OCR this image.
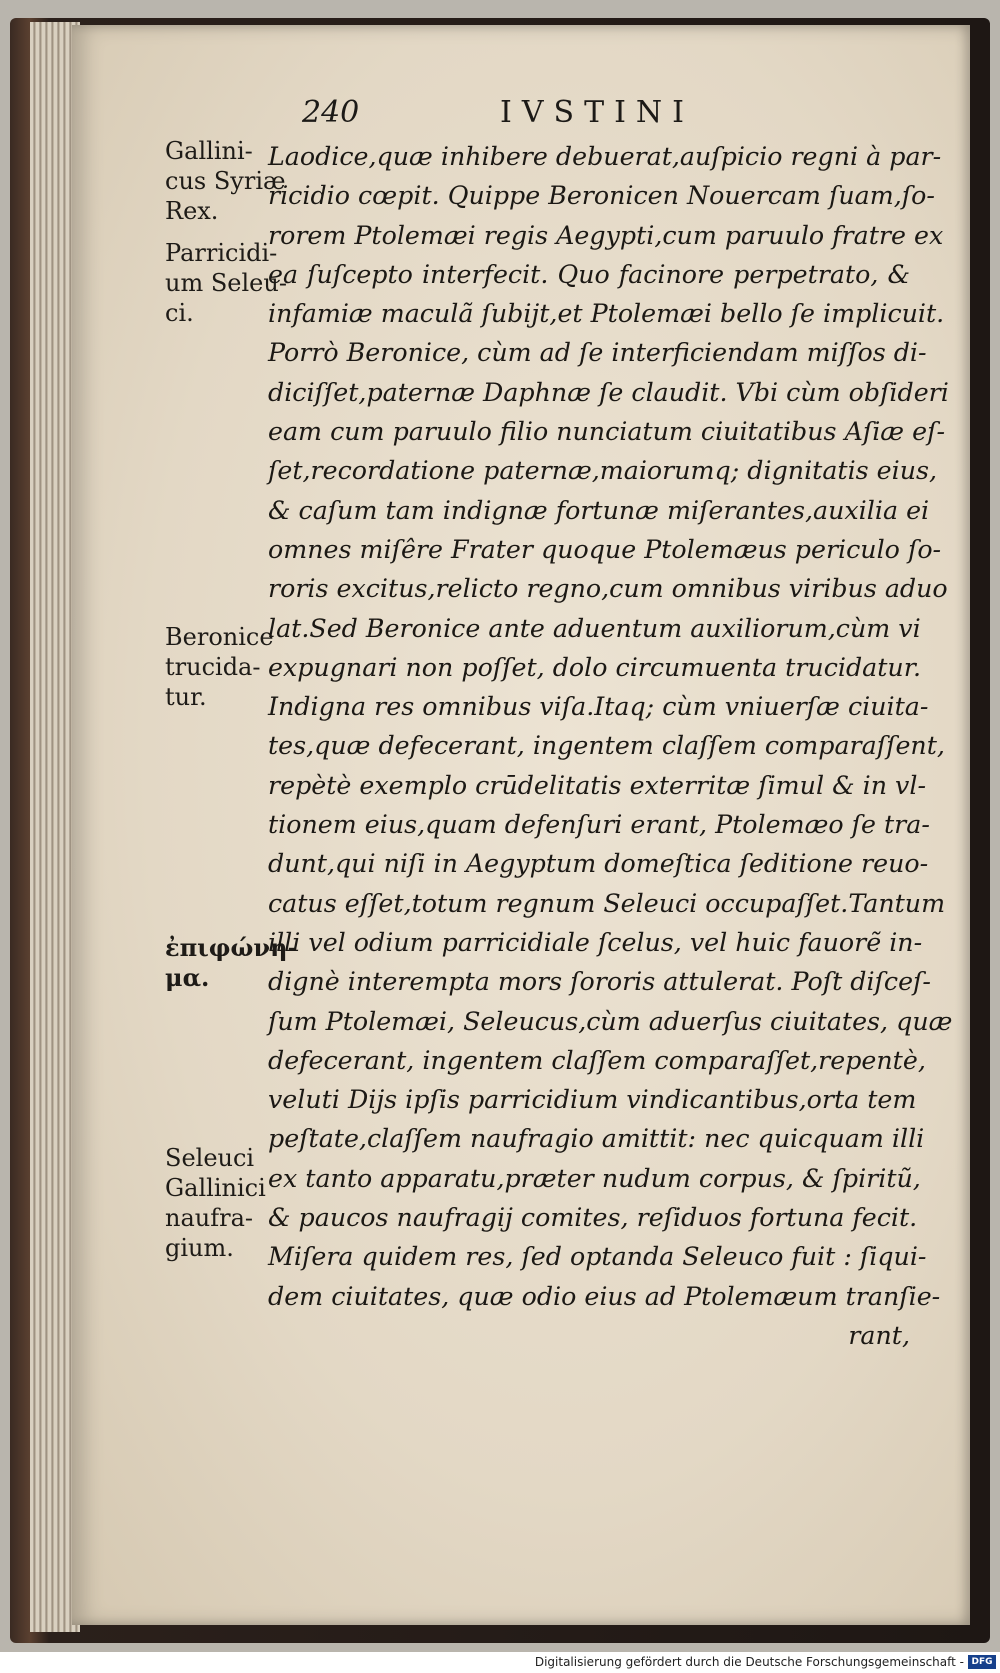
240	IVSTINI
Gallini-
cus Syriæ
Rex.
Parricidi-
um Seleu-
ci.
Beronice
trucida-
tur.
ἐπιφώνη-
μα.
Seleuci
Gallinici
naufra-
gium.
Laodice,quæ inhibere debuerat,auſpicio regni à par-
ricidio cœpit. Quippe Beronicen Nouercam ſuam,ſo-
rorem Ptolemæi regis Aegypti,cum paruulo fratre ex
ea ſuſcepto interfecit. Quo facinore perpetrato, &
infamiæ maculã ſubijt,et Ptolemæi bello ſe implicuit.
Porrò Beronice, cùm ad ſe interficiendam miſſos di-
diciſſet,paternæ Daphnæ ſe claudit. Vbi cùm obſideri
eam cum paruulo filio nunciatum ciuitatibus Aſiæ eſ-
ſet,recordatione paternæ,maiorumq; dignitatis eius,
& caſum tam indignæ fortunæ miſerantes,auxilia ei
omnes miſêre Frater quoque Ptolemæus periculo ſo-
roris excitus,relicto regno,cum omnibus viribus aduo
lat.Sed Beronice ante aduentum auxiliorum,cùm vi
expugnari non poſſet, dolo circumuenta trucidatur.
Indigna res omnibus viſa.Itaq; cùm vniuerſæ ciuita-
tes,quæ defecerant, ingentem claſſem comparaſſent,
repètè exemplo crūdelitatis exterritæ ſimul & in vl-
tionem eius,quam defenſuri erant, Ptolemæo ſe tra-
dunt,qui niſi in Aegyptum domeſtica ſeditione reuo-
catus eſſet,totum regnum Seleuci occupaſſet.Tantum
illi vel odium parricidiale ſcelus, vel huic fauorẽ in-
dignè interempta mors ſororis attulerat. Poſt diſceſ-
ſum Ptolemæi, Seleucus,cùm aduerſus ciuitates, quæ
defecerant, ingentem claſſem comparaſſet,repentè,
veluti Dijs ipſis parricidium vindicantibus,orta tem
peſtate,claſſem naufragio amittit: nec quicquam illi
ex tanto apparatu,præter nudum corpus, & ſpiritũ,
& paucos naufragij comites, reſiduos fortuna fecit.
Miſera quidem res, ſed optanda Seleuco fuit : ſiqui-
dem ciuitates, quæ odio eius ad Ptolemæum tranſie-
rant,
Digitalisierung gefördert durch die Deutsche Forschungsgemeinschaft - DFG
